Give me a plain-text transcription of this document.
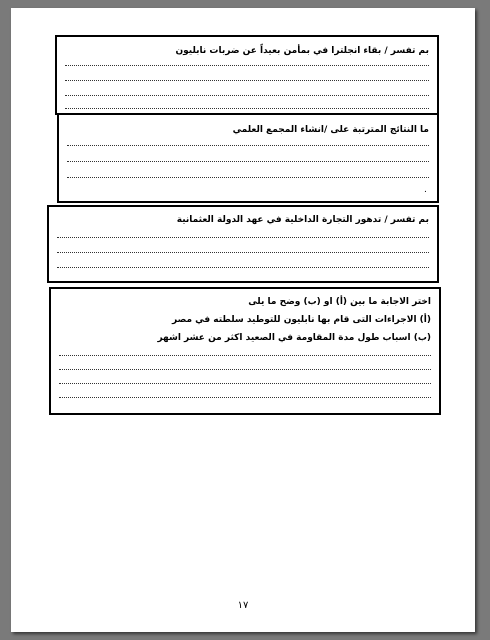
بم تفسر / بقاء انجلترا في بمأمن بعيداً عن ضربات نابليون
ما النتائج المترتبة على /انشاء المجمع العلمي
.
بم تفسر / تدهور التجارة الداخلية في عهد الدولة العثمانية
اختر الاجابة ما بين (أ) او (ب) وضح ما يلى
(أ) الاجراءات التى قام بها نابليون للتوطيد سلطته في مصر
(ب) اسباب طول مدة المقاومة في الصعيد اكثر من عشر اشهر
١٧
